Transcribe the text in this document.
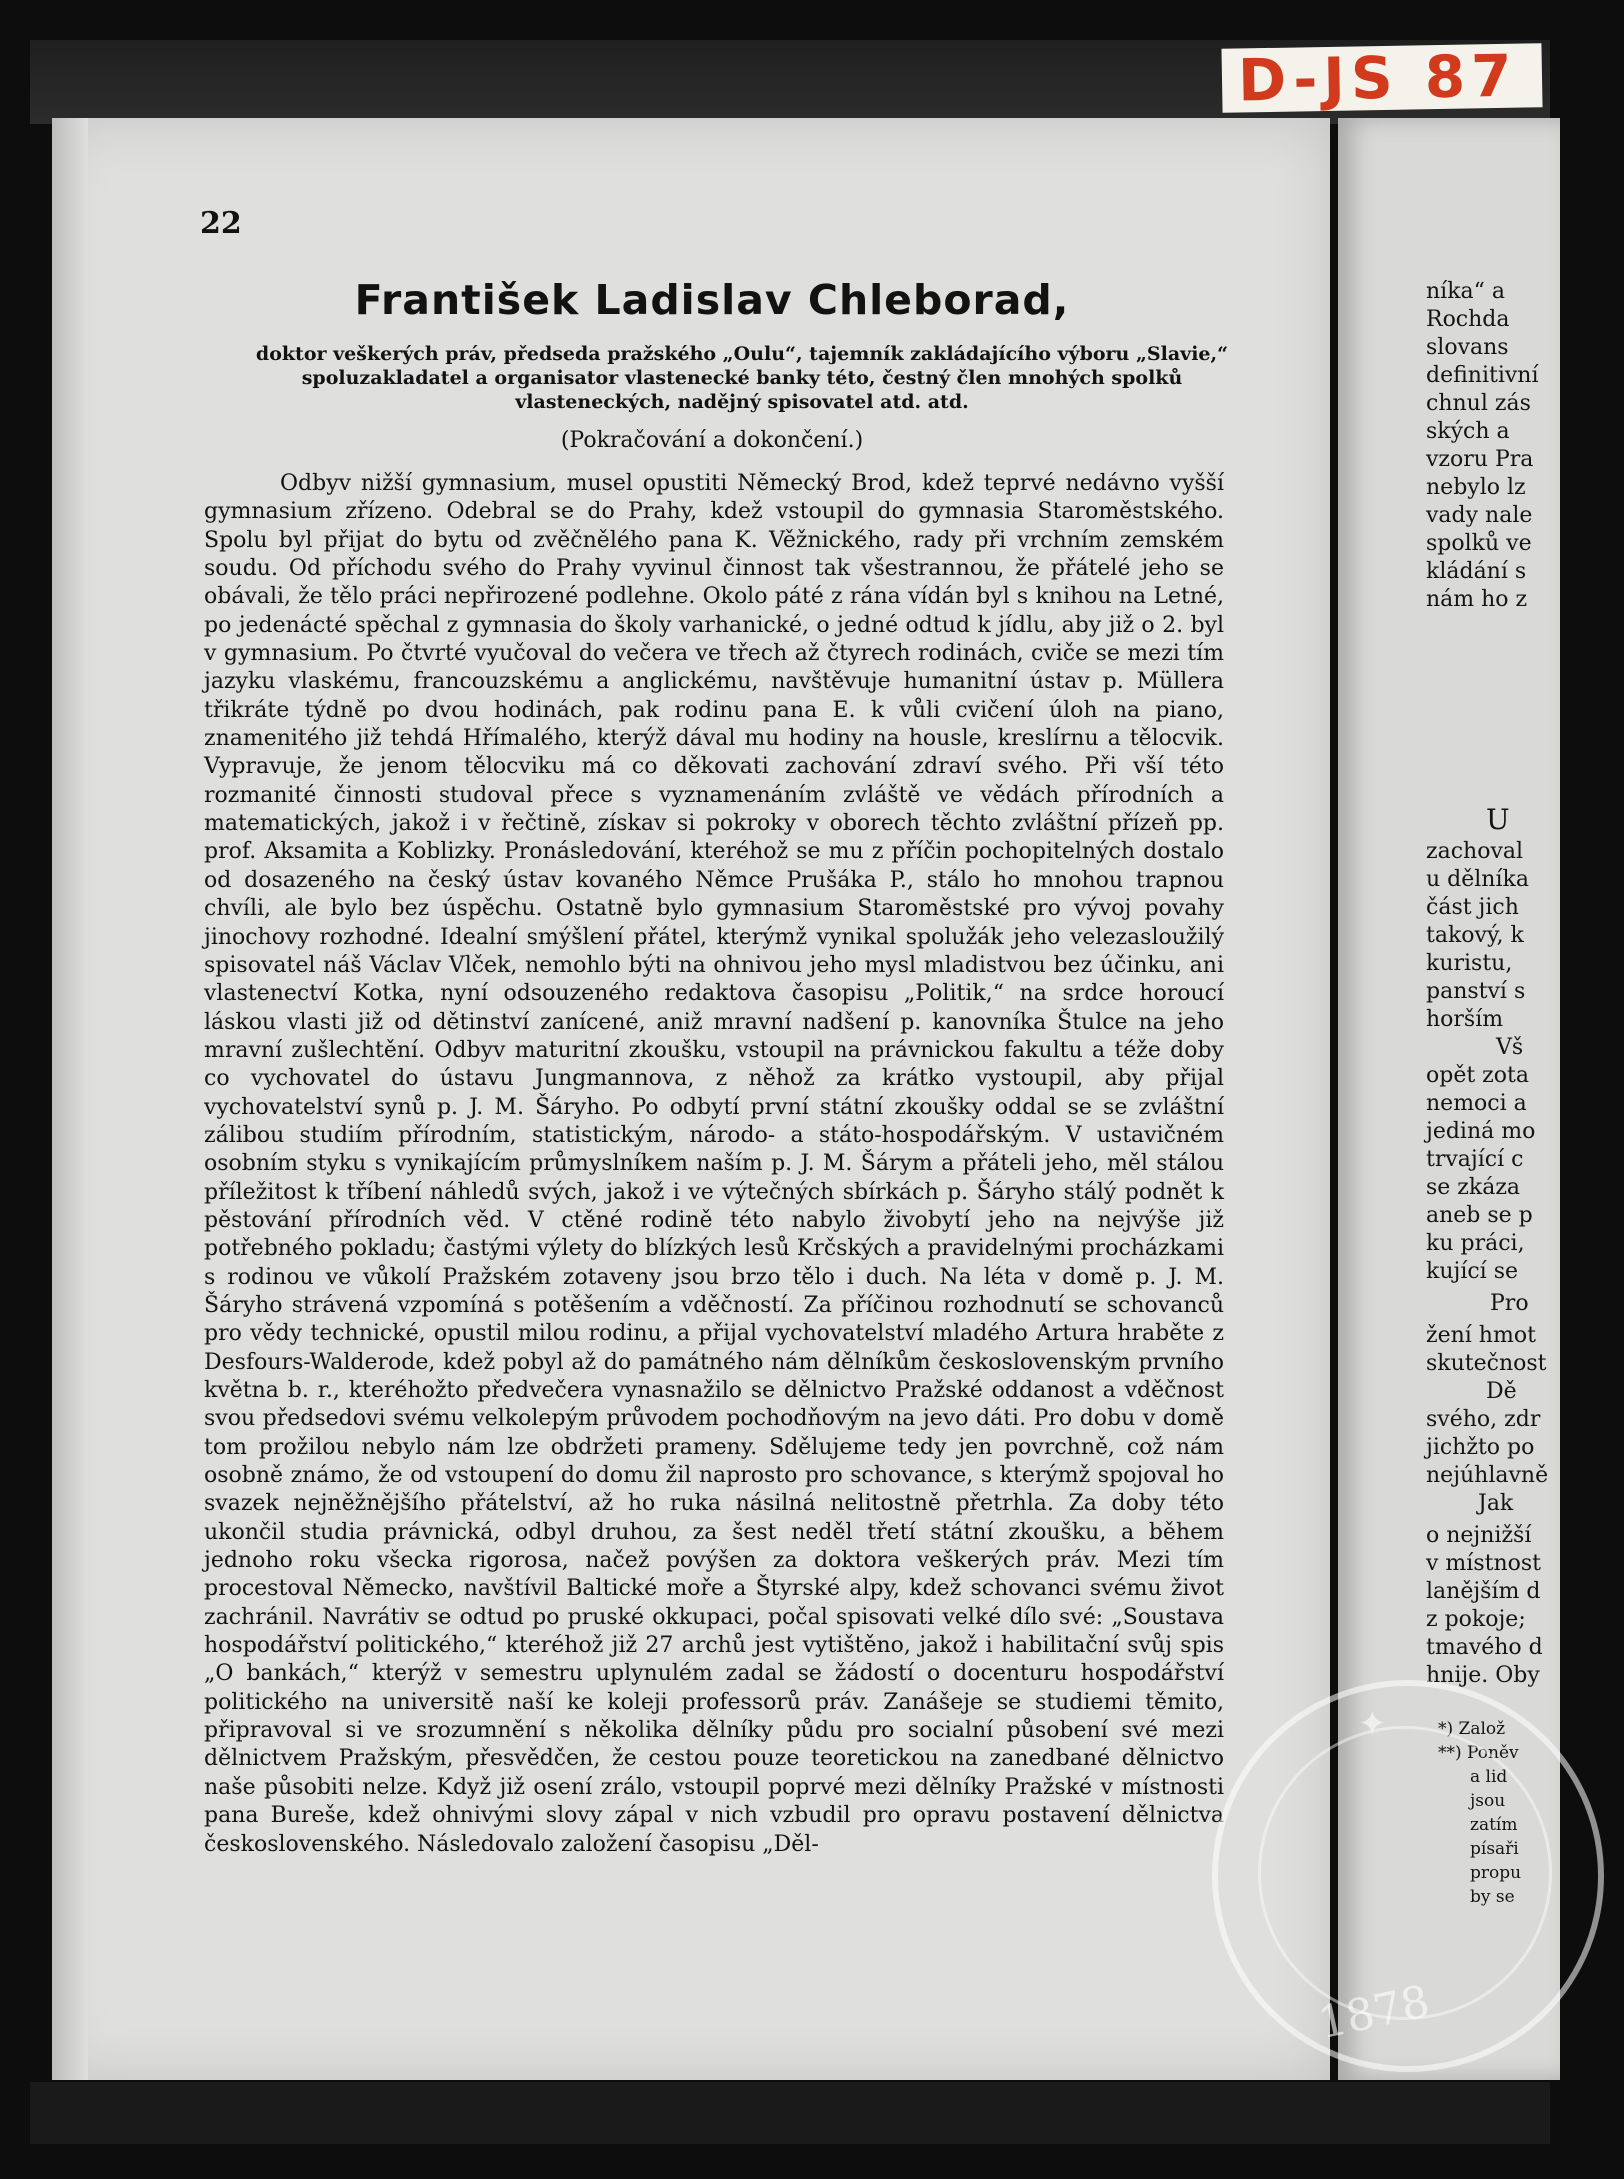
D-JS 87
22
František Ladislav Chleborad,
doktor veškerých práv, předseda pražského „Oulu“, tajemník zakládajícího výboru „Slavie,“ spoluzakladatel a organisator vlastenecké banky této, čestný člen mnohých spolků vlasteneckých, nadějný spisovatel atd. atd.
(Pokračování a dokončení.)
Odbyv nižší gymnasium, musel opustiti Německý Brod, kdež teprvé nedávno vyšší gymnasium zřízeno. Odebral se do Prahy, kdež vstoupil do gymnasia Staroměstského. Spolu byl přijat do bytu od zvěčnělého pana K. Věžnického, rady při vrchním zemském soudu. Od příchodu svého do Prahy vyvinul činnost tak všestrannou, že přátelé jeho se obávali, že tělo práci nepřirozené podlehne. Okolo páté z rána vídán byl s knihou na Letné, po jedenácté spěchal z gymnasia do školy varhanické, o jedné odtud k jídlu, aby již o 2. byl v gymnasium. Po čtvrté vyučoval do večera ve třech až čtyrech rodinách, cviče se mezi tím jazyku vlaskému, francouzskému a anglickému, navštěvuje humanitní ústav p. Müllera třikráte týdně po dvou hodinách, pak rodinu pana E. k vůli cvičení úloh na piano, znamenitého již tehdá Hřímalého, kterýž dával mu hodiny na housle, kreslírnu a tělocvik. Vypravuje, že jenom tělocviku má co děkovati zachování zdraví svého. Při vší této rozmanité činnosti studoval přece s vyznamenáním zvláště ve vědách přírodních a matematických, jakož i v řečtině, získav si pokroky v oborech těchto zvláštní přízeň pp. prof. Aksamita a Koblizky. Pronásledování, kteréhož se mu z příčin pochopitelných dostalo od dosazeného na český ústav kovaného Němce Prušáka P., stálo ho mnohou trapnou chvíli, ale bylo bez úspěchu. Ostatně bylo gymnasium Staroměstské pro vývoj povahy jinochovy rozhodné. Idealní smýšlení přátel, kterýmž vynikal spolužák jeho velezasloužilý spisovatel náš Václav Vlček, nemohlo býti na ohnivou jeho mysl mladistvou bez účinku, ani vlastenectví Kotka, nyní odsouzeného redaktova časopisu „Politik,“ na srdce horoucí láskou vlasti již od dětinství zanícené, aniž mravní nadšení p. kanovníka Štulce na jeho mravní zušlechtění. Odbyv maturitní zkoušku, vstoupil na právnickou fakultu a téže doby co vychovatel do ústavu Jungmannova, z něhož za krátko vystoupil, aby přijal vychovatelství synů p. J. M. Šáryho. Po odbytí první státní zkoušky oddal se se zvláštní zálibou studiím přírodním, statistickým, národo- a státo-hospodářským. V ustavičném osobním styku s vynikajícím průmyslníkem naším p. J. M. Šárym a přáteli jeho, měl stálou příležitost k tříbení náhledů svých, jakož i ve výtečných sbírkách p. Šáryho stálý podnět k pěstování přírodních věd. V ctěné rodině této nabylo živobytí jeho na nejvýše již potřebného pokladu; častými výlety do blízkých lesů Krčských a pravidelnými procházkami s rodinou ve vůkolí Pražském zotaveny jsou brzo tělo i duch. Na léta v domě p. J. M. Šáryho strávená vzpomíná s potěšením a vděčností. Za příčinou rozhodnutí se schovanců pro vědy technické, opustil milou rodinu, a přijal vychovatelství mladého Artura hraběte z Desfours-Walderode, kdež pobyl až do památného nám dělníkům československým prvního května b. r., kteréhožto předvečera vynasnažilo se dělnictvo Pražské oddanost a vděčnost svou předsedovi svému velkolepým průvodem pochodňovým na jevo dáti. Pro dobu v domě tom prožilou nebylo nám lze obdržeti prameny. Sdělujeme tedy jen povrchně, což nám osobně známo, že od vstoupení do domu žil naprosto pro schovance, s kterýmž spojoval ho svazek nejněžnějšího přátelství, až ho ruka násilná nelitostně přetrhla. Za doby této ukončil studia právnická, odbyl druhou, za šest neděl třetí státní zkoušku, a během jednoho roku všecka rigorosa, načež povýšen za doktora veškerých práv. Mezi tím procestoval Německo, navštívil Baltické moře a Štyrské alpy, kdež schovanci svému život zachránil. Navrátiv se odtud po pruské okkupaci, počal spisovati velké dílo své: „Soustava hospodářství politického,“ kteréhož již 27 archů jest vytištěno, jakož i habilitační svůj spis „O bankách,“ kterýž v semestru uplynulém zadal se žádostí o docenturu hospodářství politického na universitě naší ke koleji professorů práv. Zanášeje se studiemi těmito, připravoval si ve srozumnění s několika dělníky půdu pro socialní působení své mezi dělnictvem Pražským, přesvědčen, že cestou pouze teoretickou na zanedbané dělnictvo naše působiti nelze. Když již osení zrálo, vstoupil poprvé mezi dělníky Pražské v místnosti pana Bureše, kdež ohnivými slovy zápal v nich vzbudil pro opravu postavení dělnictva československého. Následovalo založení časopisu „Děl-
níka“ a
Rochda
slovans
definitivní
chnul zás
ských a
vzoru Pra
nebylo lz
vady nale
spolků ve
kládání s
nám ho z
U
zachoval
u dělníka
část jich
takový, k
kuristu,
panství s
horším
Vš
opět zota
nemoci a
jediná mo
trvající c
se zkáza
aneb se p
ku práci,
kující se
Pro
žení hmot
skutečnost
Dě
svého, zdr
jichžto po
nejúhlavně
Jak
o nejnižší
v místnost
lanějším d
z pokoje;
tmavého d
hnije. Oby
*) Založ
**) Poněv
a lid
jsou
zatím
písaři
propu
by se
✦
1878
